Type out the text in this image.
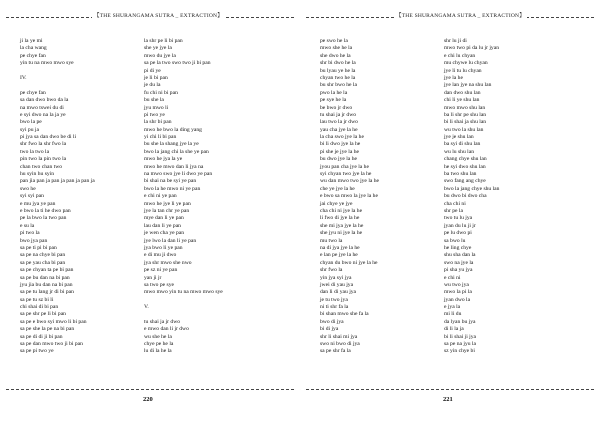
【THE SHURANGAMA SUTRA _ EXTRACTION】
ji la ye mi
la cha wang
pe chye fan
yin tu na mwo mwo sye
IV.
pe chye fan
sa dan dwo bwo da la
na mwo tswei du di
e syi dwo na la ja ye
bwo la pe
syi pu ja
pi jya sa dan dwo be di li
shr fwo la shr fwo la
two la two la
pin two la pin two la
chan two chan two
hu syin hu syin
pan jia pan ja pan ja pan ja pan ja
swo he
syi syi pan
e mu jya ye pan
e bwo la ti he dwo pan
pe la bwo la two pan
e su la
pi two la
bwo jya pan
sa pe ti pi bi pan
sa pe na chye bi pan
sa pe yau cha bi pan
sa pe chyan ta pe bi pan
sa pe bu dan na bi pan
jyu jia bu dan na bi pan
sa pe tu lang jr di bi pan
sa pe tu sz bi li
chi shai di bi pan
sa pe shr pe li bi pan
sa pe e bwo syi mwo li bi pan
sa pe she la pe na bi pan
sa pe di di ji bi pan
sa pe dan mwo two ji bi pan
sa pe pi two ye
la shr pe li bi pan
she ye jye la
mwo du jye la
sa pe la two swo two ji bi pan
pi di ye
je li bi pan
je du la
fu chi ni bi pan
bu she la
jyu mwo li
pi two ye
la shr bi pan
mwo he bwo la ding yang
yi chi li bi pan
bu she la shang jye la ye
bwo la jang chi la she ye pan
mwo he jya la ye
mwo he mwo dan li jya na
na mwo swo jye li dwo ye pan
bi shai na be syi ye pan
bwo la he mwo ni ye pan
e chi ni ye pan
mwo he jye li ye pan
jye la tan chr ye pan
mye dan li ye pan
lau dan li ye pan
je wen cha ye pan
jye lwo la dan li ye pan
jya bwo li ye pan
e di mu ji dwo
jya shr mwo she nwo
pe sz ni ye pan
yan ji jr
sa two pe sye
mwo mwo yin tu na mwo mwo sye
V.
tu shai ja jr dwo
e mwo dan li jr dwo
wu she he la
chye pe he la
lu di la he la
220
【THE SHURANGAMA SUTRA _ EXTRACTION】
pe swo he la
mwo she he la
she dwo he la
shr bi dwo he la
bu lyau ye he la
chyan two he la
bu shr bwo he la
pwo la he la
pe sye he la
be bwo jr dwo
tu shai ja jr dwo
lau two la jr dwo
yau cha jye la he
la cha swo jye la he
bi li dwo jye la he
pi she je jye la he
bu dwo jye la he
jyou pan cha jye la he
syi chyan two jye la he
wu dan mwo two jye la he
che ye jye la he
e bwo sa mwo la jye la he
jai chye ye jye
cha chi ni jye la he
li fwo di jye la he
she mi jya jye la he
she jyu ni jye la he
mu two la
na di jya jye la he
e lan pe jye la he
chyan du bwo ni jye la he
shr fwo la
yin jya syi jya
jwei di yau jya
dan li di yau jya
je tu two jya
ni ti shr fa la
bi shan mwo she fa la
bwo di jya
bi di jya
shr li shai mi jya
swo ni bwo di jya
sa pe shr fa la
shr lu ji di
mwo two pi da lu jr jyan
e chi lu chyan
mu chywe lu chyan
jye li tu lu chyan
jye la he
jye lan jye na shu lan
dan dwo shu lan
chi li ye shu lan
mwo mwo shu lan
ba li shr pe shu lan
bi li shai ja shu lan
wu two la shu lan
jye je shu lan
ba syi di shu lan
wu lu shu lan
chang chye shu lan
he syi dwo shu lan
ba two shu lan
swo fang ang chye
bwo la jang chye shu lan
bu dwo bi dwo cha
cha chi ni
shr pe la
two tu lu jya
jyan du lu ji jr
pe lu dwo pi
sa bwo lu
he ling chye
shu sha dan la
swo na jye la
pi sha yu jya
e chi ni
wu two jya
mwo la pi la
jyan dwo la
e jya la
mi li du
da lyan bu jya
di li la ja
bi li shai ji jya
sa pe na jyu la
sz yin chye bi
221
